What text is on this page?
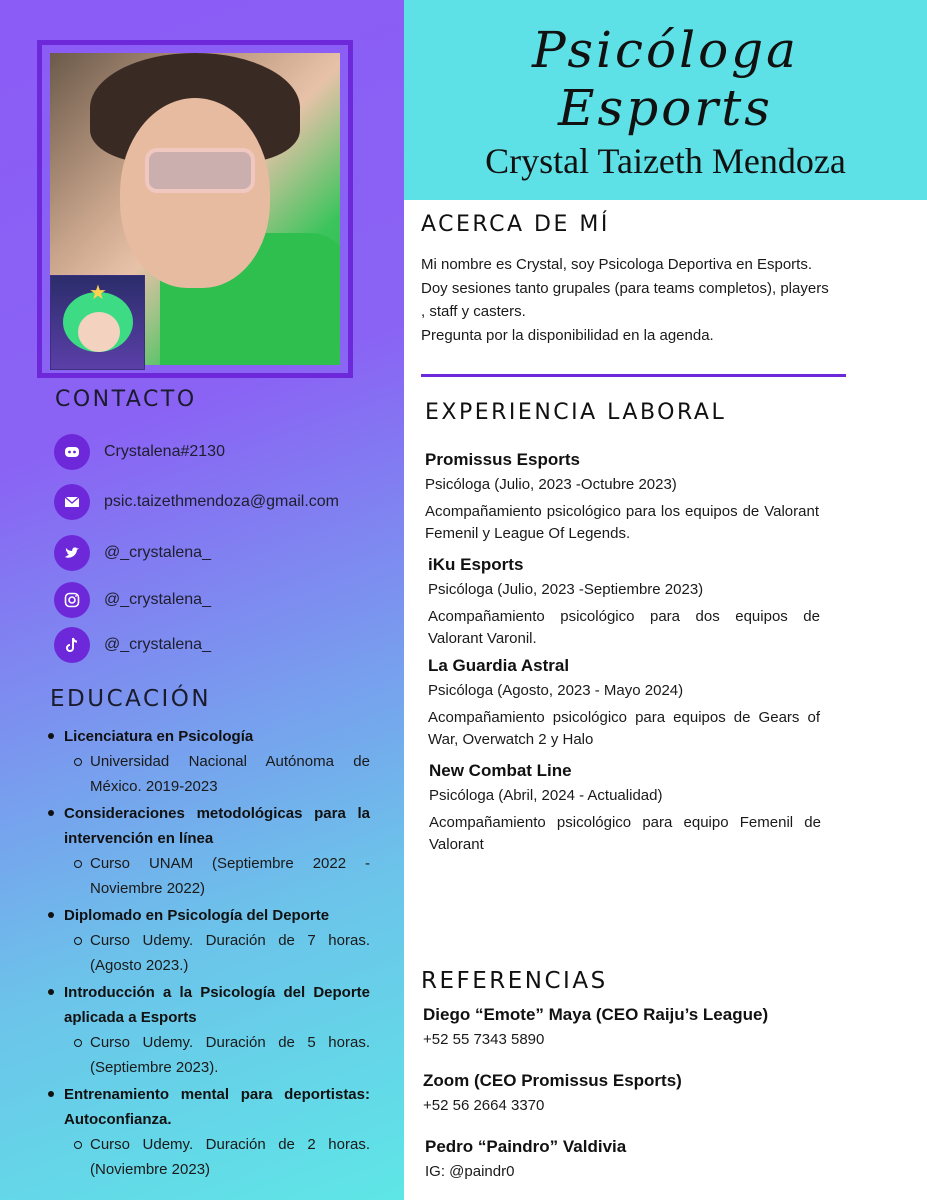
★
CONTACTO
Crystalena#2130
psic.taizethmendoza@gmail.com
@_crystalena_
@_crystalena_
@_crystalena_
EDUCACIÓN
Licenciatura en Psicología
Universidad Nacional Autónoma de México. 2019-2023
Consideraciones metodológicas para la intervención en línea
Curso UNAM (Septiembre 2022 - Noviembre 2022)
Diplomado en Psicología del Deporte
Curso Udemy. Duración de 7 horas. (Agosto 2023.)
Introducción a la Psicología del Deporte aplicada a Esports
Curso Udemy. Duración de 5 horas. (Septiembre 2023).
Entrenamiento mental para deportistas: Autoconfianza.
Curso Udemy. Duración de 2 horas. (Noviembre 2023)
Psicóloga
Esports
Crystal Taizeth Mendoza
ACERCA DE MÍ
Mi nombre es Crystal, soy Psicologa Deportiva en Esports.
Doy sesiones tanto grupales (para teams completos), players
, staff y casters.
Pregunta por la disponibilidad en la agenda.
EXPERIENCIA LABORAL
Promissus Esports
Psicóloga (Julio, 2023 -Octubre 2023)
Acompañamiento psicológico para los equipos de Valorant Femenil y League Of Legends.
iKu Esports
Psicóloga (Julio, 2023 -Septiembre 2023)
Acompañamiento psicológico para dos equipos de Valorant Varonil.
La Guardia Astral
Psicóloga (Agosto, 2023 - Mayo 2024)
Acompañamiento psicológico para equipos de Gears of War, Overwatch 2 y Halo
New Combat Line
Psicóloga (Abril, 2024 - Actualidad)
Acompañamiento psicológico para equipo Femenil de Valorant
REFERENCIAS
Diego “Emote” Maya (CEO Raiju’s League)
+52 55 7343 5890
Zoom (CEO Promissus Esports)
+52 56 2664 3370
Pedro “Paindro” Valdivia
IG: @paindr0
